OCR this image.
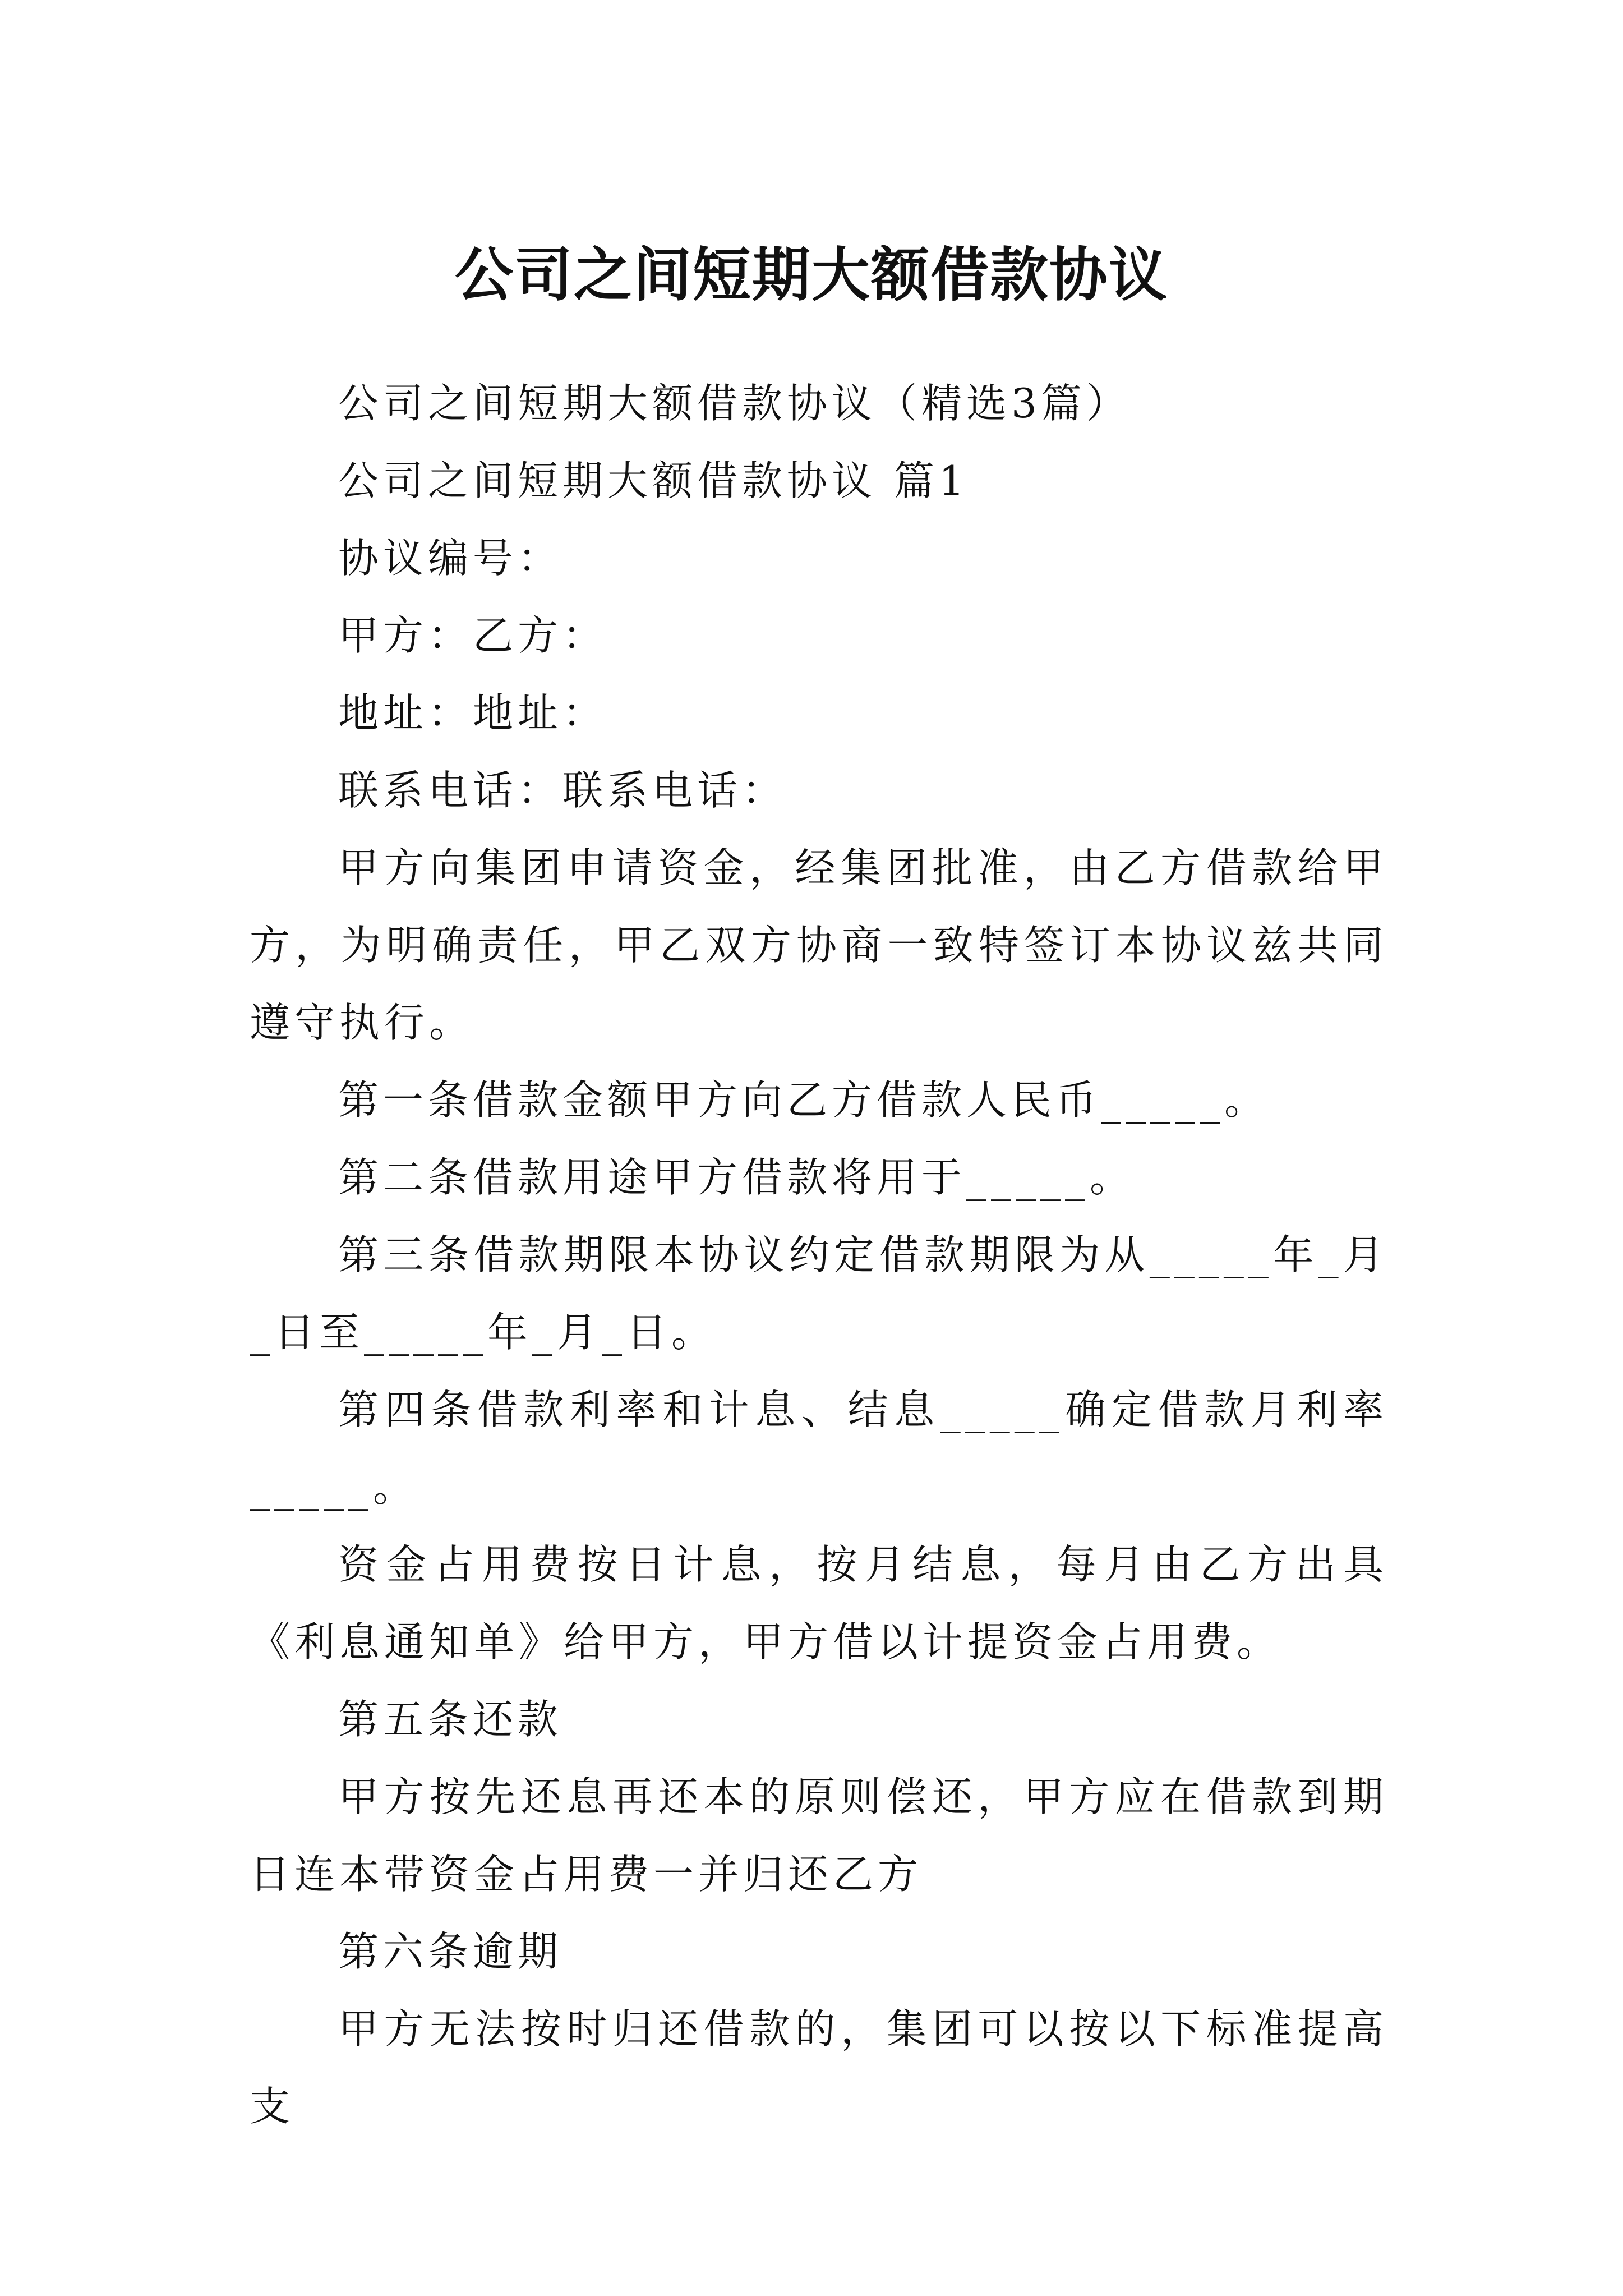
公司之间短期大额借款协议

公司之间短期大额借款协议（精选3篇）

公司之间短期大额借款协议 篇1

协议编号：

甲方：乙方：

地址：地址：

联系电话：联系电话：

甲方向集团申请资金，经集团批准，由乙方借款给甲方，为明确责任，甲乙双方协商一致特签订本协议兹共同遵守执行。

第一条借款金额甲方向乙方借款人民币_____。

第二条借款用途甲方借款将用于_____。

第三条借款期限本协议约定借款期限为从_____年_月_日至_____年_月_日。

第四条借款利率和计息、结息_____确定借款月利率_____。

资金占用费按日计息，按月结息，每月由乙方出具《利息通知单》给甲方，甲方借以计提资金占用费。

第五条还款

甲方按先还息再还本的原则偿还，甲方应在借款到期日连本带资金占用费一并归还乙方

第六条逾期

甲方无法按时归还借款的，集团可以按以下标准提高支
